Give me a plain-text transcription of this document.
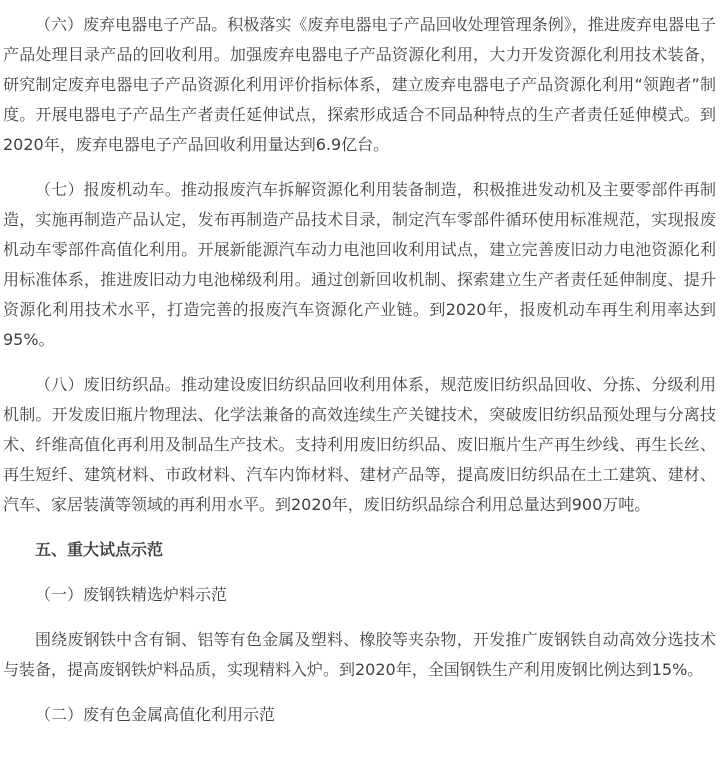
（六）废弃电器电子产品。积极落实《废弃电器电子产品回收处理管理条例》，推进废弃电器电子产品处理目录产品的回收利用。加强废弃电器电子产品资源化利用，大力开发资源化利用技术装备，研究制定废弃电器电子产品资源化利用评价指标体系，建立废弃电器电子产品资源化利用“领跑者”制度。开展电器电子产品生产者责任延伸试点，探索形成适合不同品种特点的生产者责任延伸模式。到2020年，废弃电器电子产品回收利用量达到6.9亿台。

（七）报废机动车。推动报废汽车拆解资源化利用装备制造，积极推进发动机及主要零部件再制造，实施再制造产品认定，发布再制造产品技术目录，制定汽车零部件循环使用标准规范，实现报废机动车零部件高值化利用。开展新能源汽车动力电池回收利用试点，建立完善废旧动力电池资源化利用标准体系，推进废旧动力电池梯级利用。通过创新回收机制、探索建立生产者责任延伸制度、提升资源化利用技术水平，打造完善的报废汽车资源化产业链。到2020年，报废机动车再生利用率达到95%。

（八）废旧纺织品。推动建设废旧纺织品回收利用体系，规范废旧纺织品回收、分拣、分级利用机制。开发废旧瓶片物理法、化学法兼备的高效连续生产关键技术，突破废旧纺织品预处理与分离技术、纤维高值化再利用及制品生产技术。支持利用废旧纺织品、废旧瓶片生产再生纱线、再生长丝、再生短纤、建筑材料、市政材料、汽车内饰材料、建材产品等，提高废旧纺织品在土工建筑、建材、汽车、家居装潢等领域的再利用水平。到2020年，废旧纺织品综合利用总量达到900万吨。

五、重大试点示范

（一）废钢铁精选炉料示范

围绕废钢铁中含有铜、铝等有色金属及塑料、橡胶等夹杂物，开发推广废钢铁自动高效分选技术与装备，提高废钢铁炉料品质，实现精料入炉。到2020年，全国钢铁生产利用废钢比例达到15%。

（二）废有色金属高值化利用示范
